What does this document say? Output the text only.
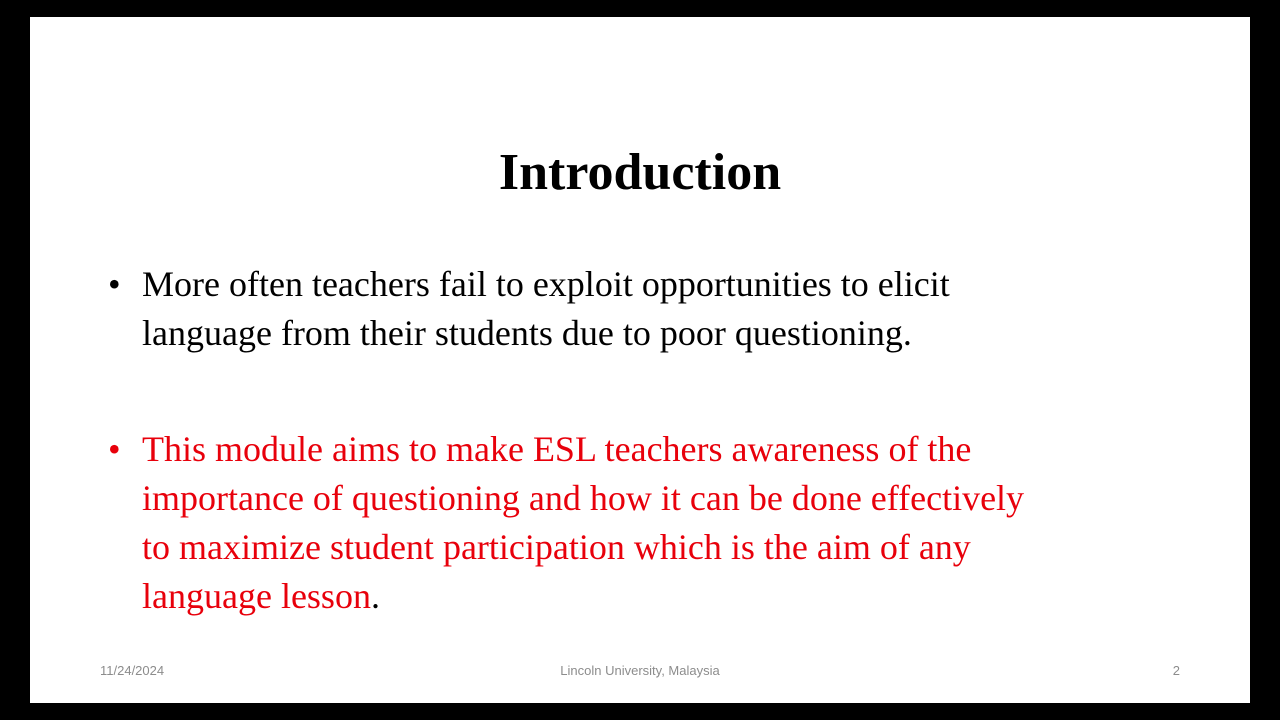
Introduction
• More often teachers fail to exploit opportunities to elicit
language from their students due to poor questioning.
• This module aims to make ESL teachers awareness of the
importance of questioning and how it can be done effectively
to maximize student participation which is the aim of any
language lesson.
11/24/2024	Lincoln University, Malaysia	2
